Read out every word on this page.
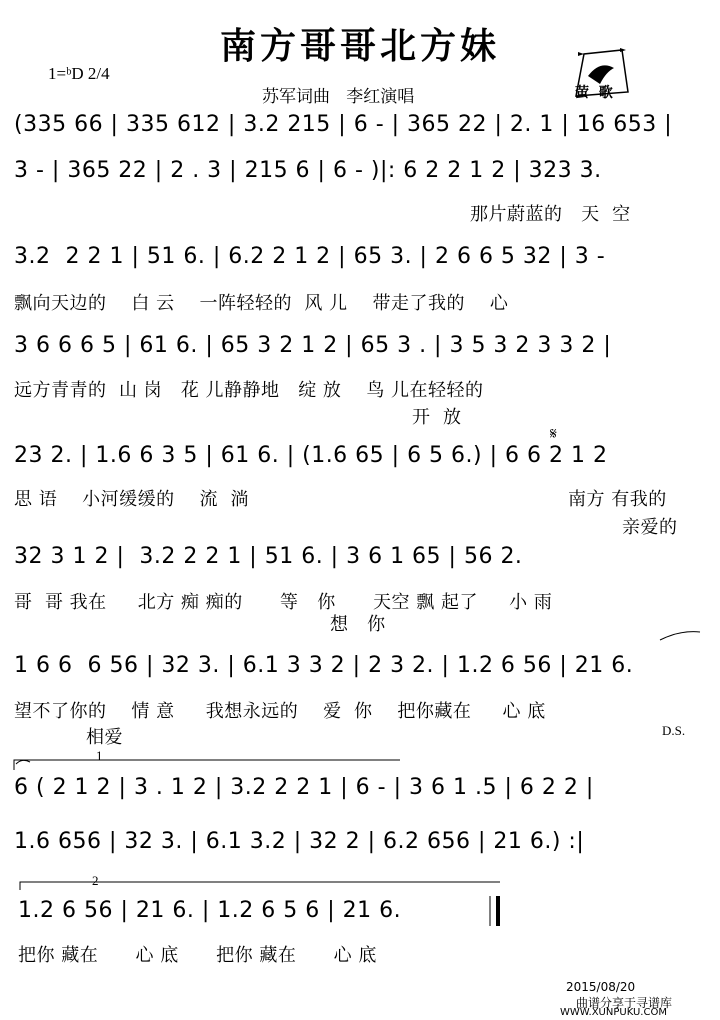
南方哥哥北方妹
1=ᵇD 2/4
苏军词曲   李红演唱	萤  歌
(335 66 | 335 612 | 3.2 215 | 6 - | 365 22 | 2. 1 | 16 653 |
3 - | 365 22 | 2 . 3 | 215 6 | 6 - )|: 6 2 2 1 2 | 323 3.
那片蔚蓝的   天  空
3.2  2 2 1 | 51 6. | 6.2 2 1 2 | 65 3. | 2 6 6 5 32 | 3 -
飘向天边的    白 云    一阵轻轻的  风 儿    带走了我的    心
3 6 6 6 5 | 61 6. | 65 3 2 1 2 | 65 3 . | 3 5 3 2 3 3 2 |
远方青青的  山 岗   花 儿静静地   绽 放    鸟 儿在轻轻的
开  放
23 2. | 1.6 6 3 5 | 61 6. | (1.6 65 | 6 5 6.) | 6 6 2 1 2
𝄋
思 语    小河缓缓的    流  淌	南方 有我的
亲爱的
32 3 1 2 |  3.2 2 2 1 | 51 6. | 3 6 1 65 | 56 2.
哥  哥 我在     北方 痴 痴的      等   你      天空 飘 起了     小 雨
想   你
1 6 6  6 56 | 32 3. | 6.1 3 3 2 | 2 3 2. | 1.2 6 56 | 21 6.
望不了你的    情 意     我想永远的    爱  你    把你藏在     心 底
相爱	D.S.
1
6 ( 2 1 2 | 3 . 1 2 | 3.2 2 2 1 | 6 - | 3 6 1 .5 | 6 2 2 |
1.6 656 | 32 3. | 6.1 3.2 | 32 2 | 6.2 656 | 21 6.) :|
2
1.2 6 56 | 21 6. | 1.2 6 5 6 | 21 6.
把你 藏在      心 底      把你 藏在      心 底
2015/08/20
曲谱分享于寻谱库
WWW.XUNPUKU.COM
